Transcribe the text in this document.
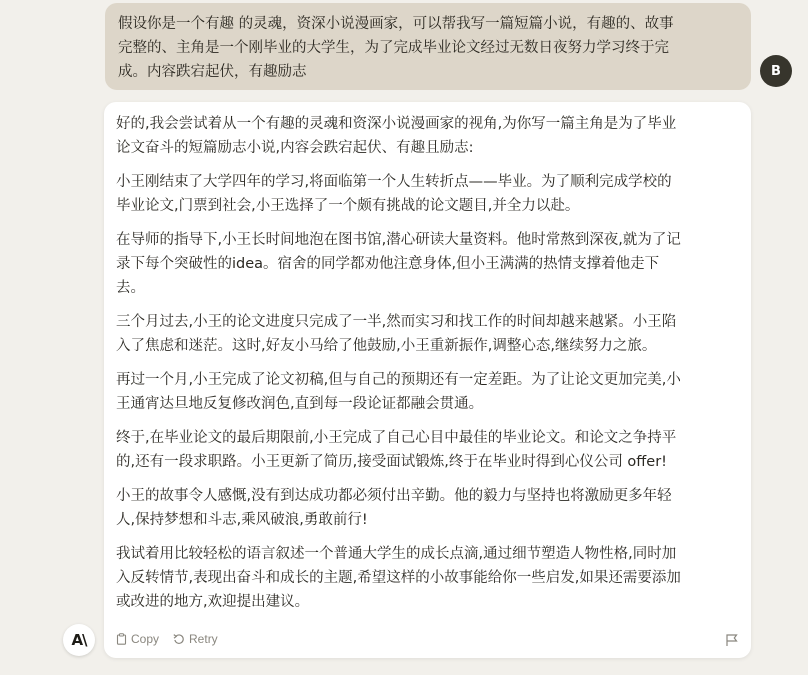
假设你是一个有趣 的灵魂，资深小说漫画家，可以帮我写一篇短篇小说，有趣的、故事
完整的、主角是一个刚毕业的大学生，为了完成毕业论文经过无数日夜努力学习终于完
成。内容跌宕起伏，有趣励志	B
好的,我会尝试着从一个有趣的灵魂和资深小说漫画家的视角,为你写一篇主角是为了毕业
论文奋斗的短篇励志小说,内容会跌宕起伏、有趣且励志:
小王刚结束了大学四年的学习,将面临第一个人生转折点——毕业。为了顺利完成学校的
毕业论文,门票到社会,小王选择了一个颇有挑战的论文题目,并全力以赴。
在导师的指导下,小王长时间地泡在图书馆,潜心研读大量资料。他时常熬到深夜,就为了记
录下每个突破性的idea。宿舍的同学都劝他注意身体,但小王满满的热情支撑着他走下
去。
三个月过去,小王的论文进度只完成了一半,然而实习和找工作的时间却越来越紧。小王陷
入了焦虑和迷茫。这时,好友小马给了他鼓励,小王重新振作,调整心态,继续努力之旅。
再过一个月,小王完成了论文初稿,但与自己的预期还有一定差距。为了让论文更加完美,小
王通宵达旦地反复修改润色,直到每一段论证都融会贯通。
终于,在毕业论文的最后期限前,小王完成了自己心目中最佳的毕业论文。和论文之争持平
的,还有一段求职路。小王更新了简历,接受面试锻炼,终于在毕业时得到心仪公司 offer!
小王的故事令人感慨,没有到达成功都必须付出辛勤。他的毅力与坚持也将激励更多年轻
人,保持梦想和斗志,乘风破浪,勇敢前行!
我试着用比较轻松的语言叙述一个普通大学生的成长点滴,通过细节塑造人物性格,同时加
入反转情节,表现出奋斗和成长的主题,希望这样的小故事能给你一些启发,如果还需要添加
或改进的地方,欢迎提出建议。
A\	Copy	Retry
